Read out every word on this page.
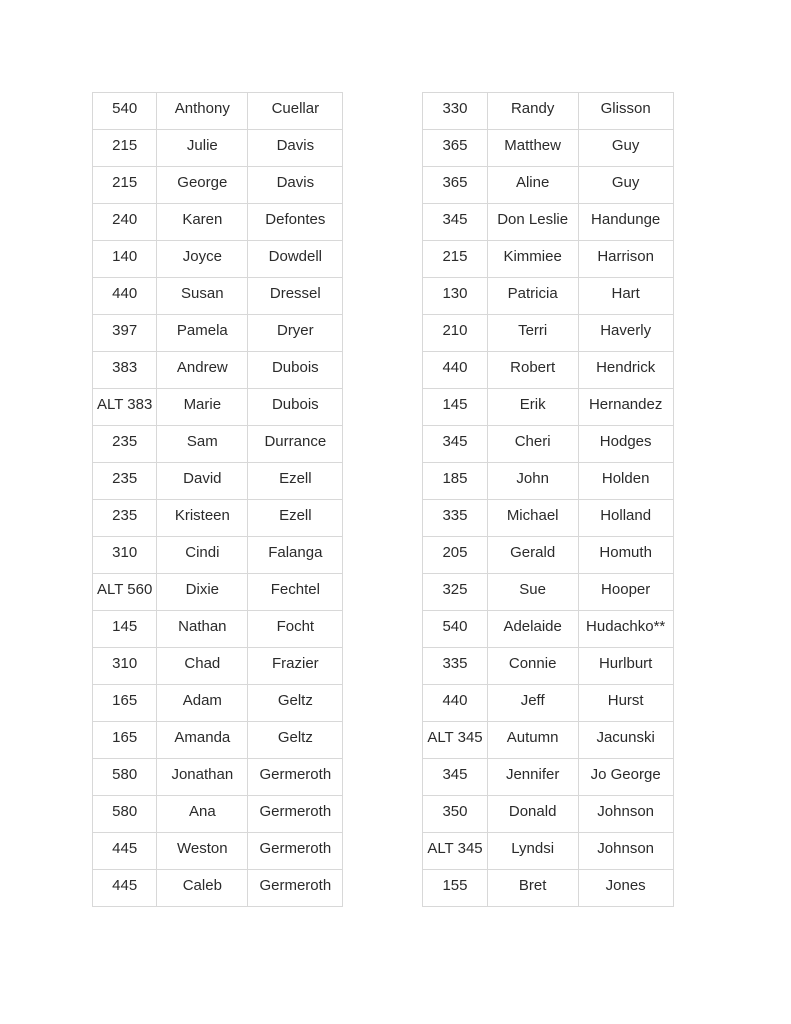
540	Anthony	Cuellar
215	Julie	Davis
215	George	Davis
240	Karen	Defontes
140	Joyce	Dowdell
440	Susan	Dressel
397	Pamela	Dryer
383	Andrew	Dubois
ALT 383	Marie	Dubois
235	Sam	Durrance
235	David	Ezell
235	Kristeen	Ezell
310	Cindi	Falanga
ALT 560	Dixie	Fechtel
145	Nathan	Focht
310	Chad	Frazier
165	Adam	Geltz
165	Amanda	Geltz
580	Jonathan	Germeroth
580	Ana	Germeroth
445	Weston	Germeroth
445	Caleb	Germeroth
330	Randy	Glisson
365	Matthew	Guy
365	Aline	Guy
345	Don Leslie	Handunge
215	Kimmiee	Harrison
130	Patricia	Hart
210	Terri	Haverly
440	Robert	Hendrick
145	Erik	Hernandez
345	Cheri	Hodges
185	John	Holden
335	Michael	Holland
205	Gerald	Homuth
325	Sue	Hooper
540	Adelaide	Hudachko**
335	Connie	Hurlburt
440	Jeff	Hurst
ALT 345	Autumn	Jacunski
345	Jennifer	Jo George
350	Donald	Johnson
ALT 345	Lyndsi	Johnson
155	Bret	Jones
